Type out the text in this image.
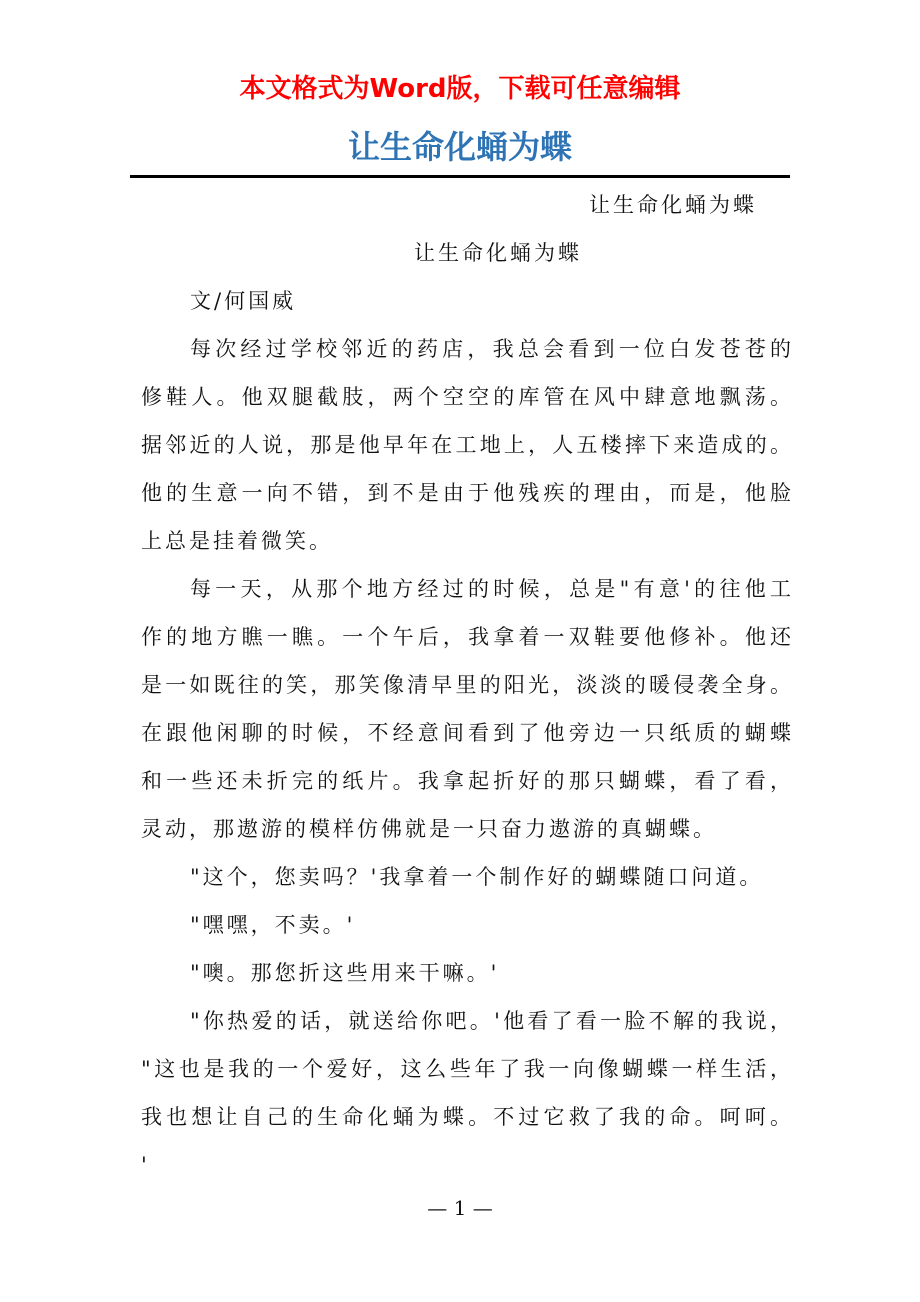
本文格式为Word版，下载可任意编辑
让生命化蛹为蝶
让生命化蛹为蝶
让生命化蛹为蝶
文/何国威
每次经过学校邻近的药店，我总会看到一位白发苍苍的
修鞋人。他双腿截肢，两个空空的库管在风中肆意地飘荡。
据邻近的人说，那是他早年在工地上，人五楼摔下来造成的。
他的生意一向不错，到不是由于他残疾的理由，而是，他脸
上总是挂着微笑。
每一天，从那个地方经过的时候，总是"有意'的往他工
作的地方瞧一瞧。一个午后，我拿着一双鞋要他修补。他还
是一如既往的笑，那笑像清早里的阳光，淡淡的暖侵袭全身。
在跟他闲聊的时候，不经意间看到了他旁边一只纸质的蝴蝶
和一些还未折完的纸片。我拿起折好的那只蝴蝶，看了看，
灵动，那遨游的模样仿佛就是一只奋力遨游的真蝴蝶。
"这个，您卖吗？'我拿着一个制作好的蝴蝶随口问道。
"嘿嘿，不卖。'
"噢。那您折这些用来干嘛。'
"你热爱的话，就送给你吧。'他看了看一脸不解的我说，
"这也是我的一个爱好，这么些年了我一向像蝴蝶一样生活，
我也想让自己的生命化蛹为蝶。不过它救了我的命。呵呵。
'
— 1 —
